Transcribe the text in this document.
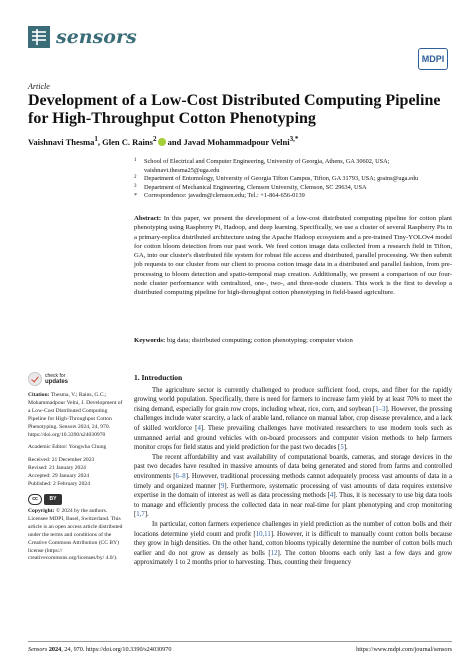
sensors
MDPI
Article
Development of a Low-Cost Distributed Computing Pipeline for High-Throughput Cotton Phenotyping
Vaishnavi Thesma$^1$, Glen C. Rains$^2$ and Javad Mohammadpour Velni$^{3,*}$
1 School of Electrical and Computer Engineering, University of Georgia, Athens, GA 30602, USA; vaishnavi.thesma25@uga.edu
2 Department of Entomology, University of Georgia Tifton Campus, Tifton, GA 31793, USA; grains@uga.edu
3 Department of Mechanical Engineering, Clemson University, Clemson, SC 29634, USA
* Correspondence: javadm@clemson.edu; Tel.: +1-864-656-0139
Abstract: In this paper, we present the development of a low-cost distributed computing pipeline for cotton plant phenotyping using Raspberry Pi, Hadoop, and deep learning. Specifically, we use a cluster of several Raspberry Pis in a primary-replica distributed architecture using the Apache Hadoop ecosystem and a pre-trained Tiny-YOLOv4 model for cotton bloom detection from our past work. We feed cotton image data collected from a research field in Tifton, GA, into our cluster's distributed file system for robust file access and distributed, parallel processing. We then submit job requests to our cluster from our client to process cotton image data in a distributed and parallel fashion, from pre-processing to bloom detection and spatio-temporal map creation. Additionally, we present a comparison of our four-node cluster performance with centralized, one-, two-, and three-node clusters. This work is the first to develop a distributed computing pipeline for high-throughput cotton phenotyping in field-based agriculture.
Keywords: big data; distributed computing; cotton phenotyping; computer vision
check for
updates
Citation: Thesma, V.; Rains, G.C.; Mohammadpour Velni, J. Development of a Low-Cost Distributed Computing Pipeline for High-Throughput Cotton Phenotyping. Sensors 2024, 24, 970. https://doi.org/10.3390/s24030970
Academic Editor: Yongwha Chung
Received: 21 December 2023
Revised: 21 January 2024
Accepted: 29 January 2024
Published: 2 February 2024
cc	BY
Copyright: © 2024 by the authors. Licensee MDPI, Basel, Switzerland. This article is an open access article distributed under the terms and conditions of the Creative Commons Attribution (CC BY) license (https:// creativecommons.org/licenses/by/ 4.0/).
1. Introduction

The agriculture sector is currently challenged to produce sufficient food, crops, and fiber for the rapidly growing world population. Specifically, there is need for farmers to increase farm yield by at least 70% to meet the rising demand, especially for grain row crops, including wheat, rice, corn, and soybean [1–3]. However, the pressing challenges include water scarcity, a lack of arable land, reliance on manual labor, crop disease prevalence, and a lack of skilled workforce [4]. These prevailing challenges have motivated researchers to use modern tools such as unmanned aerial and ground vehicles with on-board processors and computer vision methods to help farmers monitor crops for field status and yield prediction for the past two decades [5].

The recent affordability and vast availability of computational boards, cameras, and storage devices in the past two decades have resulted in massive amounts of data being generated and stored from farms and controlled environments [6–8]. However, traditional processing methods cannot adequately process vast amounts of data in a timely and organized manner [9]. Furthermore, systematic processing of vast amounts of data requires extensive expertise in the domain of interest as well as data processing methods [4]. Thus, it is necessary to use big data tools to manage and efficiently process the collected data in near real-time for plant phenotyping and crop monitoring [1,7].

In particular, cotton farmers experience challenges in yield prediction as the number of cotton bolls and their locations determine yield count and profit [10,11]. However, it is difficult to manually count cotton bolls because they grow in high densities. On the other hand, cotton blooms typically determine the number of cotton bolls much earlier and do not grow as densely as bolls [12]. The cotton blooms each only last a few days and grow approximately 1 to 2 months prior to harvesting. Thus, counting their frequency

Sensors 2024, 24, 970. https://doi.org/10.3390/s24030970	https://www.mdpi.com/journal/sensors
